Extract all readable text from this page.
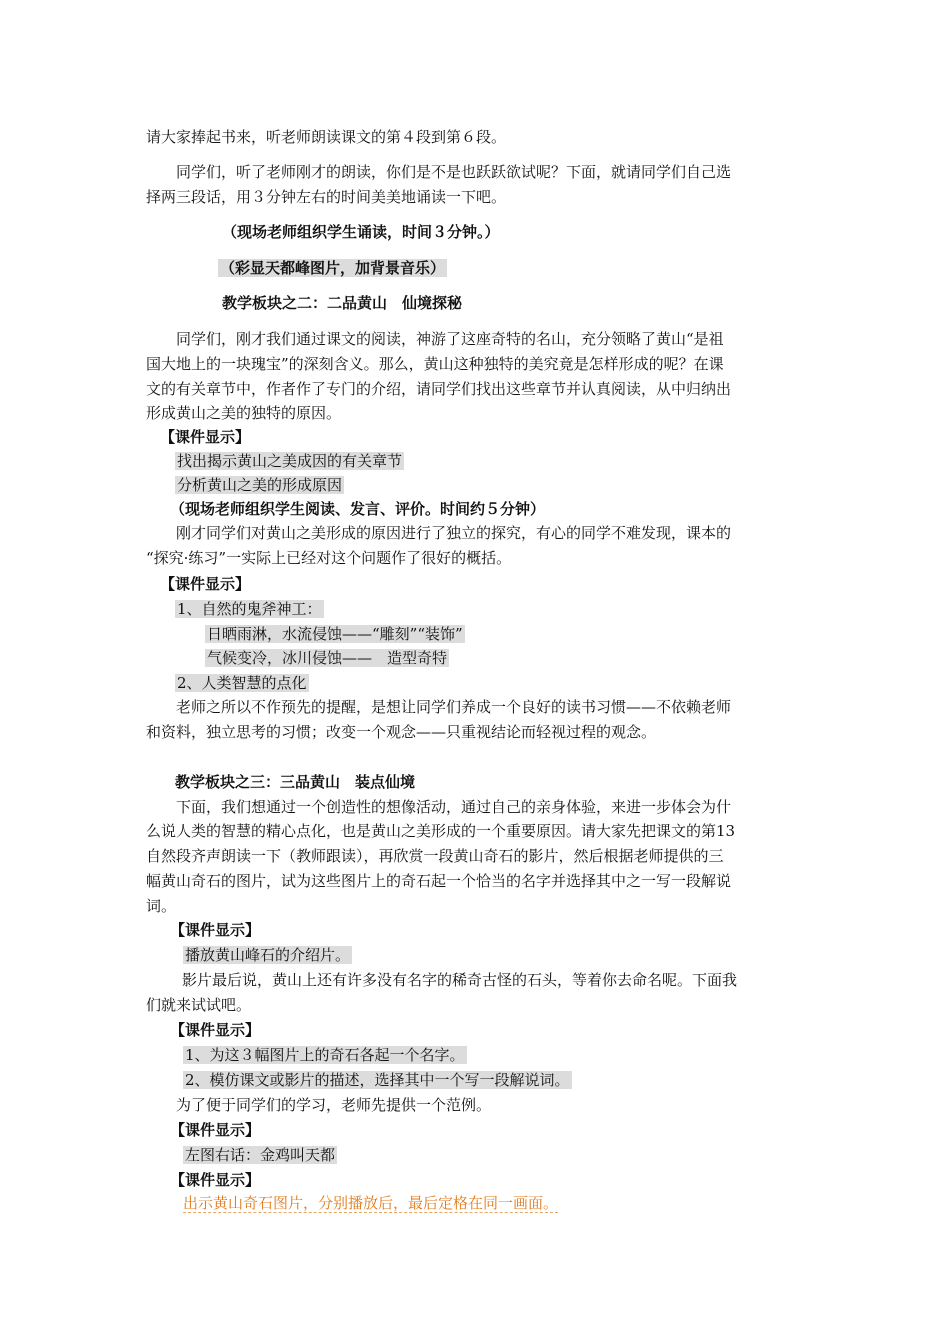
请大家捧起书来，听老师朗读课文的第４段到第６段。
同学们，听了老师刚才的朗读，你们是不是也跃跃欲试呢？下面，就请同学们自己选
择两三段话，用３分钟左右的时间美美地诵读一下吧。
（现场老师组织学生诵读，时间３分钟。）
（彩显天都峰图片，加背景音乐）
教学板块之二：二品黄山　仙境探秘
同学们，刚才我们通过课文的阅读，神游了这座奇特的名山，充分领略了黄山“是祖
国大地上的一块瑰宝”的深刻含义。那么，黄山这种独特的美究竟是怎样形成的呢？在课
文的有关章节中，作者作了专门的介绍，请同学们找出这些章节并认真阅读，从中归纳出
形成黄山之美的独特的原因。
【课件显示】
找出揭示黄山之美成因的有关章节
分析黄山之美的形成原因
（现场老师组织学生阅读、发言、评价。时间约５分钟）
刚才同学们对黄山之美形成的原因进行了独立的探究，有心的同学不难发现，课本的
“探究·练习”一实际上已经对这个问题作了很好的概括。
【课件显示】
1、自然的鬼斧神工：
日晒雨淋，水流侵蚀——“雕刻”“装饰”
气候变冷，冰川侵蚀——　造型奇特
2、人类智慧的点化
老师之所以不作预先的提醒，是想让同学们养成一个良好的读书习惯——不依赖老师
和资料，独立思考的习惯；改变一个观念——只重视结论而轻视过程的观念。
教学板块之三：三品黄山　装点仙境
下面，我们想通过一个创造性的想像活动，通过自己的亲身体验，来进一步体会为什
么说人类的智慧的精心点化，也是黄山之美形成的一个重要原因。请大家先把课文的第13
自然段齐声朗读一下（教师跟读），再欣赏一段黄山奇石的影片，然后根据老师提供的三
幅黄山奇石的图片，试为这些图片上的奇石起一个恰当的名字并选择其中之一写一段解说
词。
【课件显示】
播放黄山峰石的介绍片。
影片最后说，黄山上还有许多没有名字的稀奇古怪的石头，等着你去命名呢。下面我
们就来试试吧。
【课件显示】
1、为这３幅图片上的奇石各起一个名字。
2、模仿课文或影片的描述，选择其中一个写一段解说词。
为了便于同学们的学习，老师先提供一个范例。
【课件显示】
左图右话：金鸡叫天都
【课件显示】
出示黄山奇石图片，分别播放后，最后定格在同一画面。
